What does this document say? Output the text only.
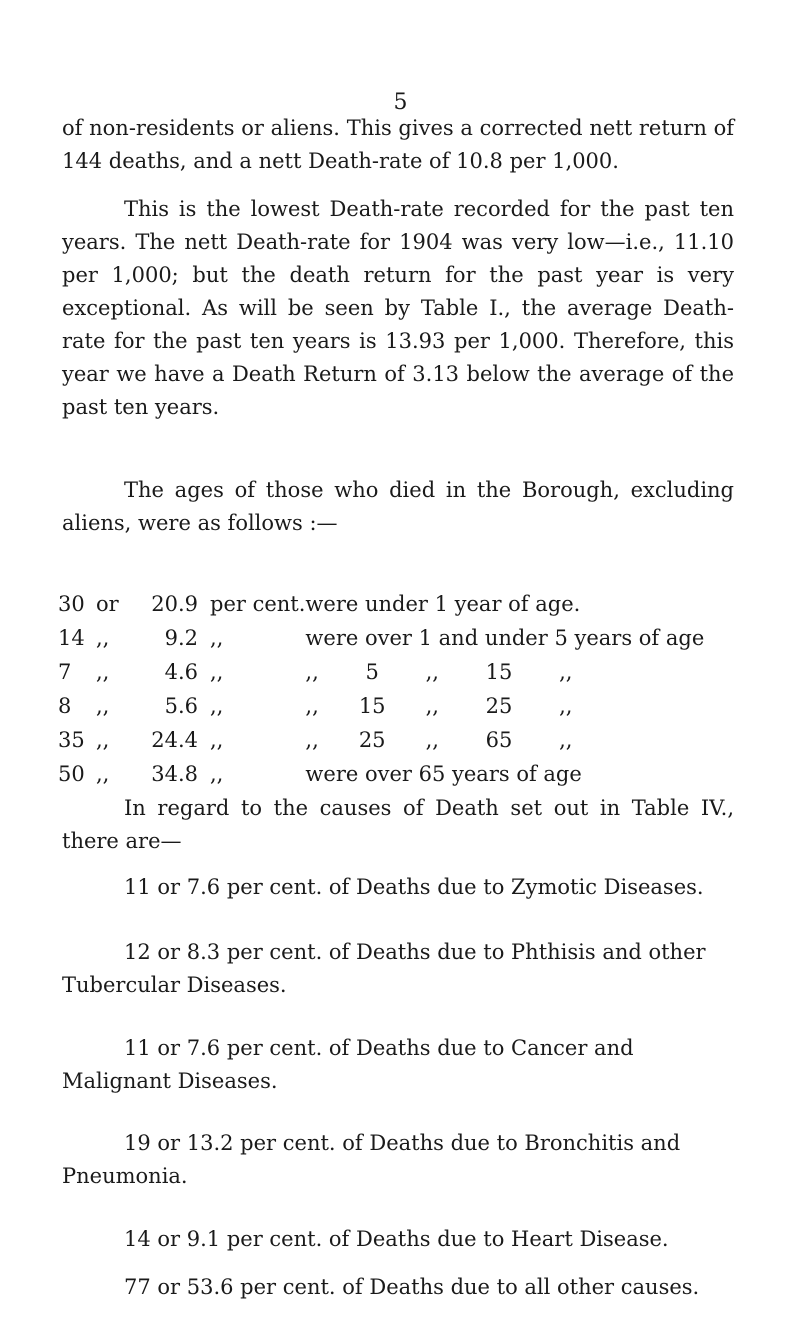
5

of non-residents or aliens. This gives a corrected nett return of 144 deaths, and a nett Death-rate of 10.8 per 1,000.

This is the lowest Death-rate recorded for the past ten years. The nett Death-rate for 1904 was very low—i.e., 11.10 per 1,000; but the death return for the past year is very exceptional. As will be seen by Table I., the average Death-rate for the past ten years is 13.93 per 1,000. Therefore, this year we have a Death Return of 3.13 below the average of the past ten years.

The ages of those who died in the Borough, excluding aliens, were as follows :—

30	or	20.9	per cent.	were under 1 year of age.
14	,,	9.2	,,	were over 1 and under 5 years of age
7	,,	4.6	,,	,,       5       ,,       15       ,,
8	,,	5.6	,,	,,      15      ,,       25       ,,
35	,,	24.4	,,	,,      25      ,,       65       ,,
50	,,	34.8	,,	were over 65 years of age

In regard to the causes of Death set out in Table IV., there are—

11 or 7.6 per cent. of Deaths due to Zymotic Diseases.

12 or 8.3 per cent. of Deaths due to Phthisis and other Tubercular Diseases.

11 or 7.6 per cent. of Deaths due to Cancer and Malignant Diseases.

19 or 13.2 per cent. of Deaths due to Bronchitis and Pneumonia.

14 or 9.1 per cent. of Deaths due to Heart Disease.

77 or 53.6 per cent. of Deaths due to all other causes.
